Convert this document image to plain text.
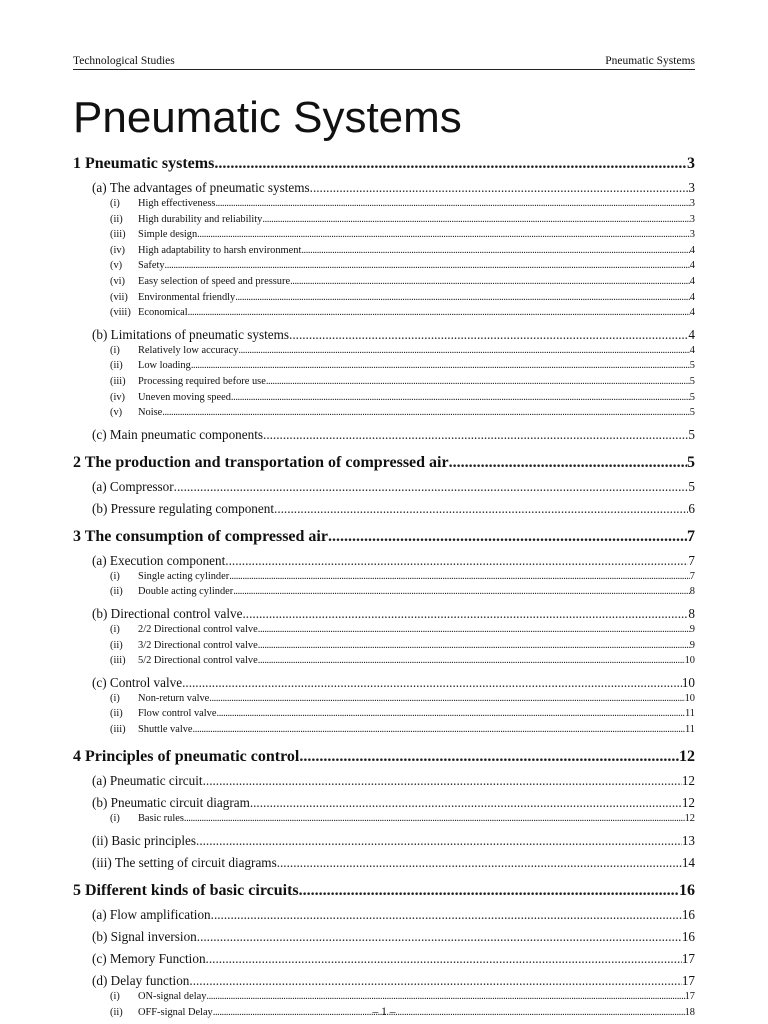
Technological Studies	Pneumatic Systems
Pneumatic Systems
1 Pneumatic systems .....	3
(a) The advantages of pneumatic systems .....	3
(i) High effectiveness .....	3
(ii) High durability and reliability .....	3
(iii) Simple design .....	3
(iv) High adaptability to harsh environment .....	4
(v) Safety .....	4
(vi) Easy selection of speed and pressure .....	4
(vii) Environmental friendly .....	4
(viii) Economical .....	4
(b) Limitations of pneumatic systems .....	4
(i) Relatively low accuracy .....	4
(ii) Low loading .....	5
(iii) Processing required before use .....	5
(iv) Uneven moving speed .....	5
(v) Noise .....	5
(c) Main pneumatic components .....	5
2 The production and transportation of compressed air .....	5
(a) Compressor .....	5
(b) Pressure regulating component .....	6
3 The consumption of compressed air .....	7
(a) Execution component .....	7
(i) Single acting cylinder .....	7
(ii) Double acting cylinder .....	8
(b) Directional control valve .....	8
(i) 2/2 Directional control valve .....	9
(ii) 3/2 Directional control valve .....	9
(iii) 5/2 Directional control valve .....	10
(c) Control valve .....	10
(i) Non-return valve .....	10
(ii) Flow control valve .....	11
(iii) Shuttle valve .....	11
4 Principles of pneumatic control .....	12
(a) Pneumatic circuit .....	12
(b) Pneumatic circuit diagram .....	12
(i) Basic rules .....	12
(ii) Basic principles .....	13
(iii) The setting of circuit diagrams .....	14
5 Different kinds of basic circuits .....	16
(a) Flow amplification .....	16
(b) Signal inversion .....	16
(c) Memory Function .....	17
(d) Delay function .....	17
(i) ON-signal delay .....	17
(ii) OFF-signal Delay .....	18
– 1 –
